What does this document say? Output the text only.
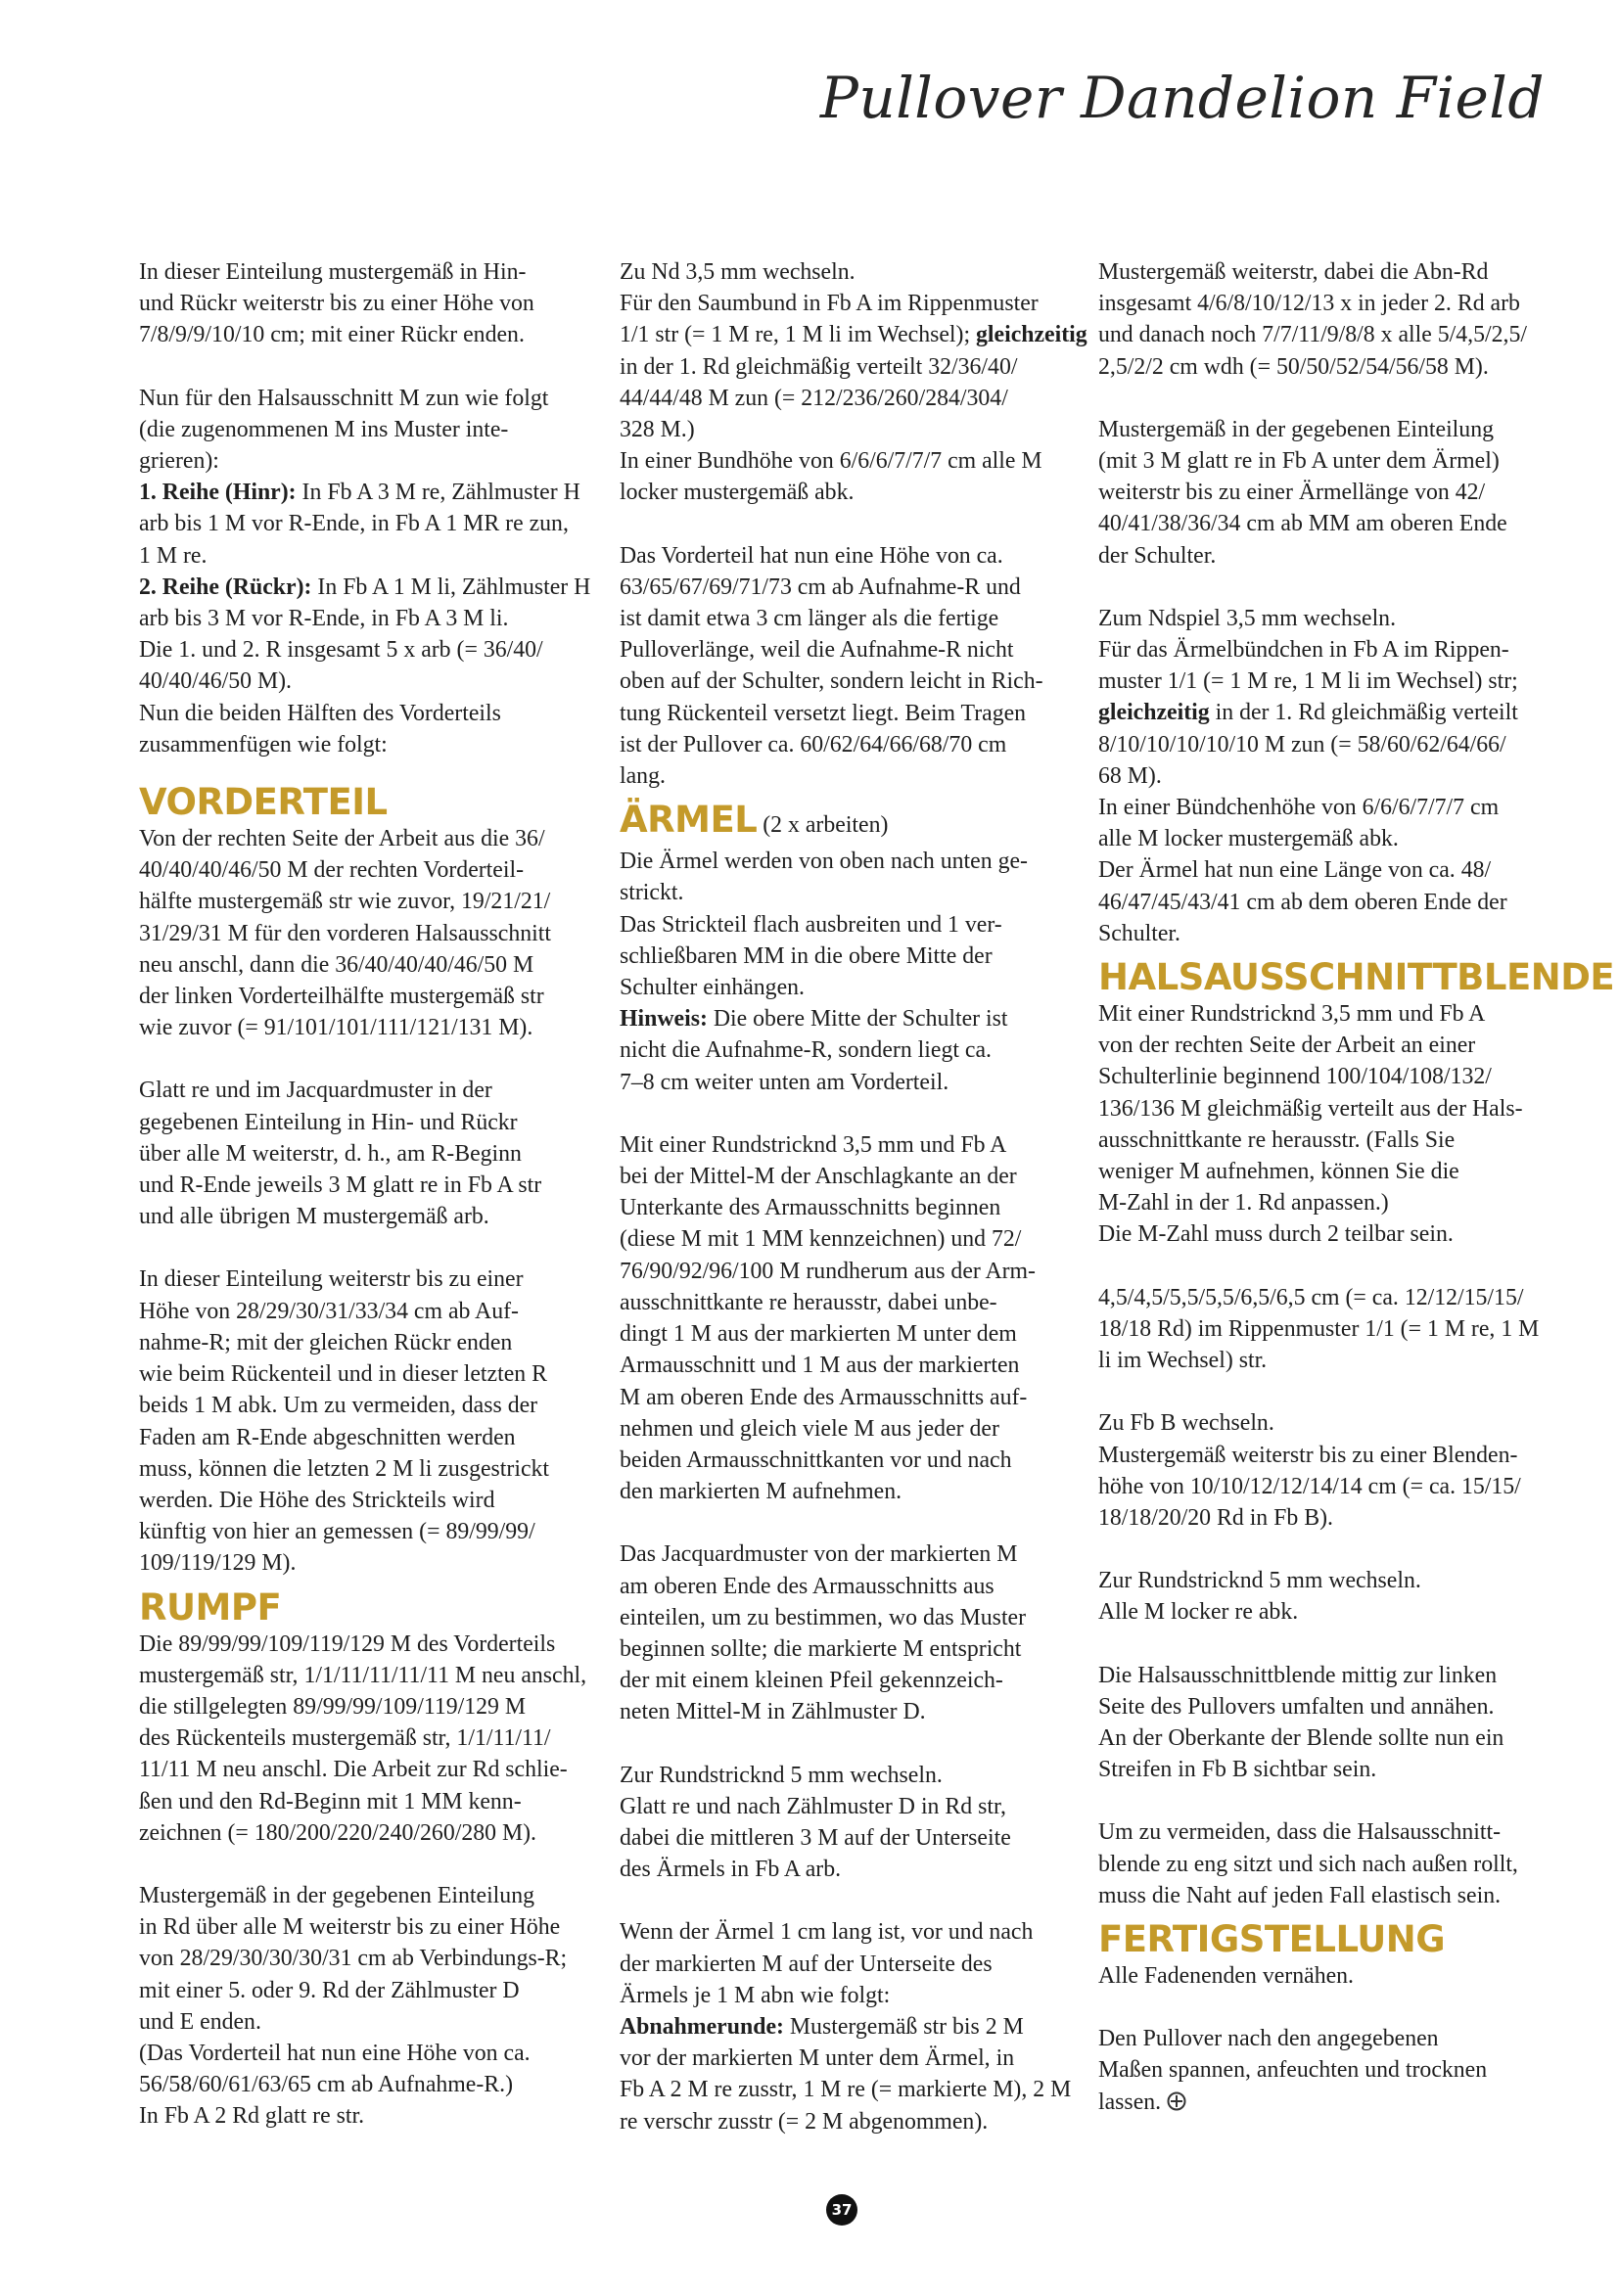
Pullover Dandelion Field
In dieser Einteilung mustergemäß in Hin-
und Rückr weiterstr bis zu einer Höhe von
7/8/9/9/10/10 cm; mit einer Rückr enden.
Nun für den Halsausschnitt M zun wie folgt
(die zugenommenen M ins Muster inte-
grieren):
1. Reihe (Hinr): In Fb A 3 M re, Zählmuster H
arb bis 1 M vor R-Ende, in Fb A 1 MR re zun,
1 M re.
2. Reihe (Rückr): In Fb A 1 M li, Zählmuster H
arb bis 3 M vor R-Ende, in Fb A 3 M li.
Die 1. und 2. R insgesamt 5 x arb (= 36/40/
40/40/46/50 M).
Nun die beiden Hälften des Vorderteils
zusammenfügen wie folgt:
VORDERTEIL
Von der rechten Seite der Arbeit aus die 36/
40/40/40/46/50 M der rechten Vorderteil-
hälfte mustergemäß str wie zuvor, 19/21/21/
31/29/31 M für den vorderen Halsausschnitt
neu anschl, dann die 36/40/40/40/46/50 M
der linken Vorderteilhälfte mustergemäß str
wie zuvor (= 91/101/101/111/121/131 M).
Glatt re und im Jacquardmuster in der
gegebenen Einteilung in Hin- und Rückr
über alle M weiterstr, d. h., am R-Beginn
und R-Ende jeweils 3 M glatt re in Fb A str
und alle übrigen M mustergemäß arb.
In dieser Einteilung weiterstr bis zu einer
Höhe von 28/29/30/31/33/34 cm ab Auf-
nahme-R; mit der gleichen Rückr enden
wie beim Rückenteil und in dieser letzten R
beids 1 M abk. Um zu vermeiden, dass der
Faden am R-Ende abgeschnitten werden
muss, können die letzten 2 M li zusgestrickt
werden. Die Höhe des Strickteils wird
künftig von hier an gemessen (= 89/99/99/
109/119/129 M).
RUMPF
Die 89/99/99/109/119/129 M des Vorderteils
mustergemäß str, 1/1/11/11/11/11 M neu anschl,
die stillgelegten 89/99/99/109/119/129 M
des Rückenteils mustergemäß str, 1/1/11/11/
11/11 M neu anschl. Die Arbeit zur Rd schlie-
ßen und den Rd-Beginn mit 1 MM kenn-
zeichnen (= 180/200/220/240/260/280 M).
Mustergemäß in der gegebenen Einteilung
in Rd über alle M weiterstr bis zu einer Höhe
von 28/29/30/30/30/31 cm ab Verbindungs-R;
mit einer 5. oder 9. Rd der Zählmuster D
und E enden.
(Das Vorderteil hat nun eine Höhe von ca.
56/58/60/61/63/65 cm ab Aufnahme-R.)
In Fb A 2 Rd glatt re str.
Zu Nd 3,5 mm wechseln.
Für den Saumbund in Fb A im Rippenmuster
1/1 str (= 1 M re, 1 M li im Wechsel); gleichzeitig
in der 1. Rd gleichmäßig verteilt 32/36/40/
44/44/48 M zun (= 212/236/260/284/304/
328 M.)
In einer Bundhöhe von 6/6/6/7/7/7 cm alle M
locker mustergemäß abk.
Das Vorderteil hat nun eine Höhe von ca.
63/65/67/69/71/73 cm ab Aufnahme-R und
ist damit etwa 3 cm länger als die fertige
Pulloverlänge, weil die Aufnahme-R nicht
oben auf der Schulter, sondern leicht in Rich-
tung Rückenteil versetzt liegt. Beim Tragen
ist der Pullover ca. 60/62/64/66/68/70 cm
lang.
ÄRMEL (2 x arbeiten)
Die Ärmel werden von oben nach unten ge-
strickt.
Das Strickteil flach ausbreiten und 1 ver-
schließbaren MM in die obere Mitte der
Schulter einhängen.
Hinweis: Die obere Mitte der Schulter ist
nicht die Aufnahme-R, sondern liegt ca.
7–8 cm weiter unten am Vorderteil.
Mit einer Rundstricknd 3,5 mm und Fb A
bei der Mittel-M der Anschlagkante an der
Unterkante des Armausschnitts beginnen
(diese M mit 1 MM kennzeichnen) und 72/
76/90/92/96/100 M rundherum aus der Arm-
ausschnittkante re herausstr, dabei unbe-
dingt 1 M aus der markierten M unter dem
Armausschnitt und 1 M aus der markierten
M am oberen Ende des Armausschnitts auf-
nehmen und gleich viele M aus jeder der
beiden Armausschnittkanten vor und nach
den markierten M aufnehmen.
Das Jacquardmuster von der markierten M
am oberen Ende des Armausschnitts aus
einteilen, um zu bestimmen, wo das Muster
beginnen sollte; die markierte M entspricht
der mit einem kleinen Pfeil gekennzeich-
neten Mittel-M in Zählmuster D.
Zur Rundstricknd 5 mm wechseln.
Glatt re und nach Zählmuster D in Rd str,
dabei die mittleren 3 M auf der Unterseite
des Ärmels in Fb A arb.
Wenn der Ärmel 1 cm lang ist, vor und nach
der markierten M auf der Unterseite des
Ärmels je 1 M abn wie folgt:
Abnahmerunde: Mustergemäß str bis 2 M
vor der markierten M unter dem Ärmel, in
Fb A 2 M re zusstr, 1 M re (= markierte M), 2 M
re verschr zusstr (= 2 M abgenommen).
Mustergemäß weiterstr, dabei die Abn-Rd
insgesamt 4/6/8/10/12/13 x in jeder 2. Rd arb
und danach noch 7/7/11/9/8/8 x alle 5/4,5/2,5/
2,5/2/2 cm wdh (= 50/50/52/54/56/58 M).
Mustergemäß in der gegebenen Einteilung
(mit 3 M glatt re in Fb A unter dem Ärmel)
weiterstr bis zu einer Ärmellänge von 42/
40/41/38/36/34 cm ab MM am oberen Ende
der Schulter.
Zum Ndspiel 3,5 mm wechseln.
Für das Ärmelbündchen in Fb A im Rippen-
muster 1/1 (= 1 M re, 1 M li im Wechsel) str;
gleichzeitig in der 1. Rd gleichmäßig verteilt
8/10/10/10/10/10 M zun (= 58/60/62/64/66/
68 M).
In einer Bündchenhöhe von 6/6/6/7/7/7 cm
alle M locker mustergemäß abk.
Der Ärmel hat nun eine Länge von ca. 48/
46/47/45/43/41 cm ab dem oberen Ende der
Schulter.
HALSAUSSCHNITTBLENDE
Mit einer Rundstricknd 3,5 mm und Fb A
von der rechten Seite der Arbeit an einer
Schulterlinie beginnend 100/104/108/132/
136/136 M gleichmäßig verteilt aus der Hals-
ausschnittkante re herausstr. (Falls Sie
weniger M aufnehmen, können Sie die
M-Zahl in der 1. Rd anpassen.)
Die M-Zahl muss durch 2 teilbar sein.
4,5/4,5/5,5/5,5/6,5/6,5 cm (= ca. 12/12/15/15/
18/18 Rd) im Rippenmuster 1/1 (= 1 M re, 1 M
li im Wechsel) str.
Zu Fb B wechseln.
Mustergemäß weiterstr bis zu einer Blenden-
höhe von 10/10/12/12/14/14 cm (= ca. 15/15/
18/18/20/20 Rd in Fb B).
Zur Rundstricknd 5 mm wechseln.
Alle M locker re abk.
Die Halsausschnittblende mittig zur linken
Seite des Pullovers umfalten und annähen.
An der Oberkante der Blende sollte nun ein
Streifen in Fb B sichtbar sein.
Um zu vermeiden, dass die Halsausschnitt-
blende zu eng sitzt und sich nach außen rollt,
muss die Naht auf jeden Fall elastisch sein.
FERTIGSTELLUNG
Alle Fadenenden vernähen.
Den Pullover nach den angegebenen
Maßen spannen, anfeuchten und trocknen
lassen.
37
